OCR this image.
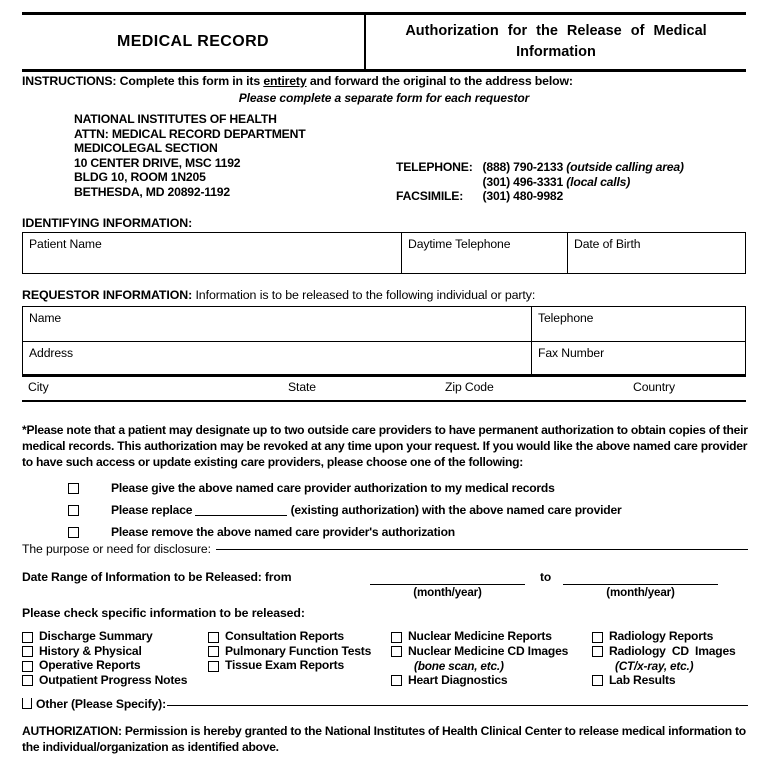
MEDICAL RECORD
Authorization for the Release of Medical
Information
INSTRUCTIONS: Complete this form in its entirety and forward the original to the address below:
Please complete a separate form for each requestor
NATIONAL INSTITUTES OF HEALTH
ATTN: MEDICAL RECORD DEPARTMENT
MEDICOLEGAL SECTION
10 CENTER DRIVE, MSC 1192
BLDG 10, ROOM 1N205
BETHESDA, MD 20892-1192
TELEPHONE:	(888) 790-2133 (outside calling area)
	(301) 496-3331 (local calls)
FACSIMILE:	(301) 480-9982
IDENTIFYING INFORMATION:
Patient Name	Daytime Telephone	Date of Birth
REQUESTOR INFORMATION: Information is to be released to the following individual or party:
Name	Telephone
Address	Fax Number
City	State	Zip Code	Country
*Please note that a patient may designate up to two outside care providers to have permanent authorization to obtain copies of their medical records. This authorization may be revoked at any time upon your request. If you would like the above named care provider to have such access or update existing care providers, please choose one of the following:
Please give the above named care provider authorization to my medical records
Please replace	(existing authorization) with the above named care provider
Please remove the above named care provider's authorization
The purpose or need for disclosure:
Date Range of Information to be Released: from
(month/year)
to
(month/year)
Please check specific information to be released:
Discharge Summary
History & Physical
Operative Reports
Outpatient Progress Notes
Consultation Reports
Pulmonary Function Tests
Tissue Exam Reports
Nuclear Medicine Reports
Nuclear Medicine CD Images
(bone scan, etc.)
Heart Diagnostics
Radiology Reports
Radiology CD Images
(CT/x-ray, etc.)
Lab Results
Other (Please Specify):
AUTHORIZATION: Permission is hereby granted to the National Institutes of Health Clinical Center to release medical information to the individual/organization as identified above.
